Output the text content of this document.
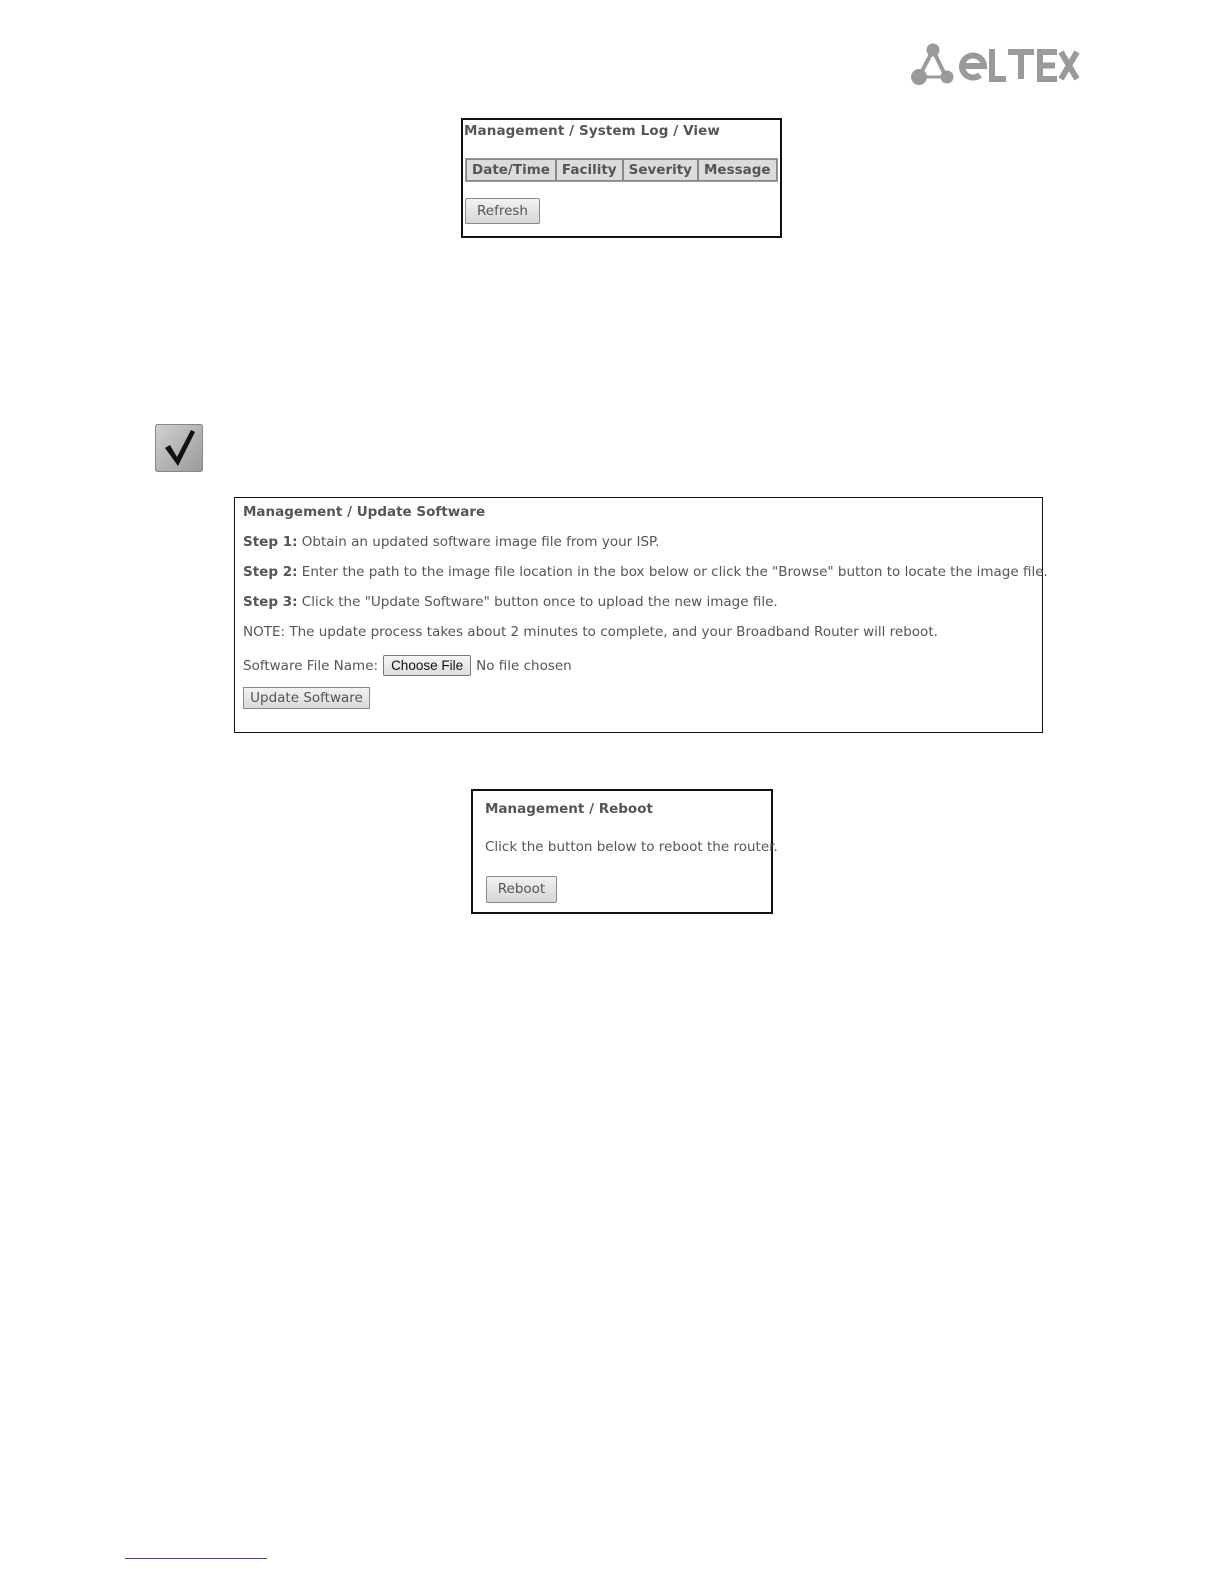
Management / System Log / View
Date/Time	Facility	Severity	Message
Refresh
Management / Update Software
Step 1: Obtain an updated software image file from your ISP.
Step 2: Enter the path to the image file location in the box below or click the "Browse" button to locate the image file.
Step 3: Click the "Update Software" button once to upload the new image file.
NOTE: The update process takes about 2 minutes to complete, and your Broadband Router will reboot.
Software File Name: Choose File No file chosen
Update Software
Management / Reboot
Click the button below to reboot the router.
Reboot
